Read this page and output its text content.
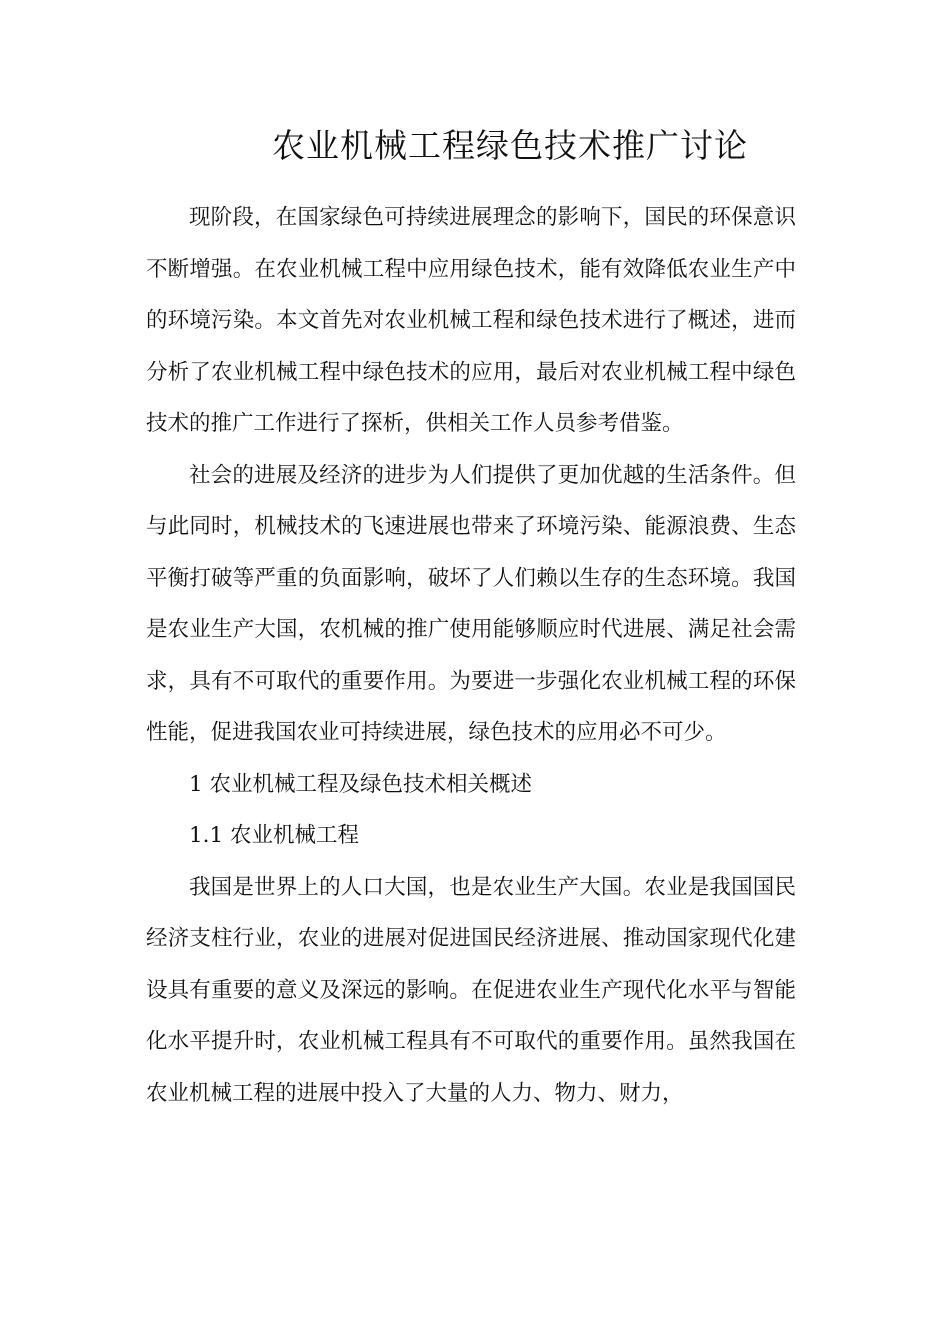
农业机械工程绿色技术推广讨论

现阶段，在国家绿色可持续进展理念的影响下，国民的环保意识不断增强。在农业机械工程中应用绿色技术，能有效降低农业生产中的环境污染。本文首先对农业机械工程和绿色技术进行了概述，进而分析了农业机械工程中绿色技术的应用，最后对农业机械工程中绿色技术的推广工作进行了探析，供相关工作人员参考借鉴。

社会的进展及经济的进步为人们提供了更加优越的生活条件。但与此同时，机械技术的飞速进展也带来了环境污染、能源浪费、生态平衡打破等严重的负面影响，破坏了人们赖以生存的生态环境。我国是农业生产大国，农机械的推广使用能够顺应时代进展、满足社会需求，具有不可取代的重要作用。为要进一步强化农业机械工程的环保性能，促进我国农业可持续进展，绿色技术的应用必不可少。

1 农业机械工程及绿色技术相关概述

1.1 农业机械工程

我国是世界上的人口大国，也是农业生产大国。农业是我国国民经济支柱行业，农业的进展对促进国民经济进展、推动国家现代化建设具有重要的意义及深远的影响。在促进农业生产现代化水平与智能化水平提升时，农业机械工程具有不可取代的重要作用。虽然我国在农业机械工程的进展中投入了大量的人力、物力、财力，
